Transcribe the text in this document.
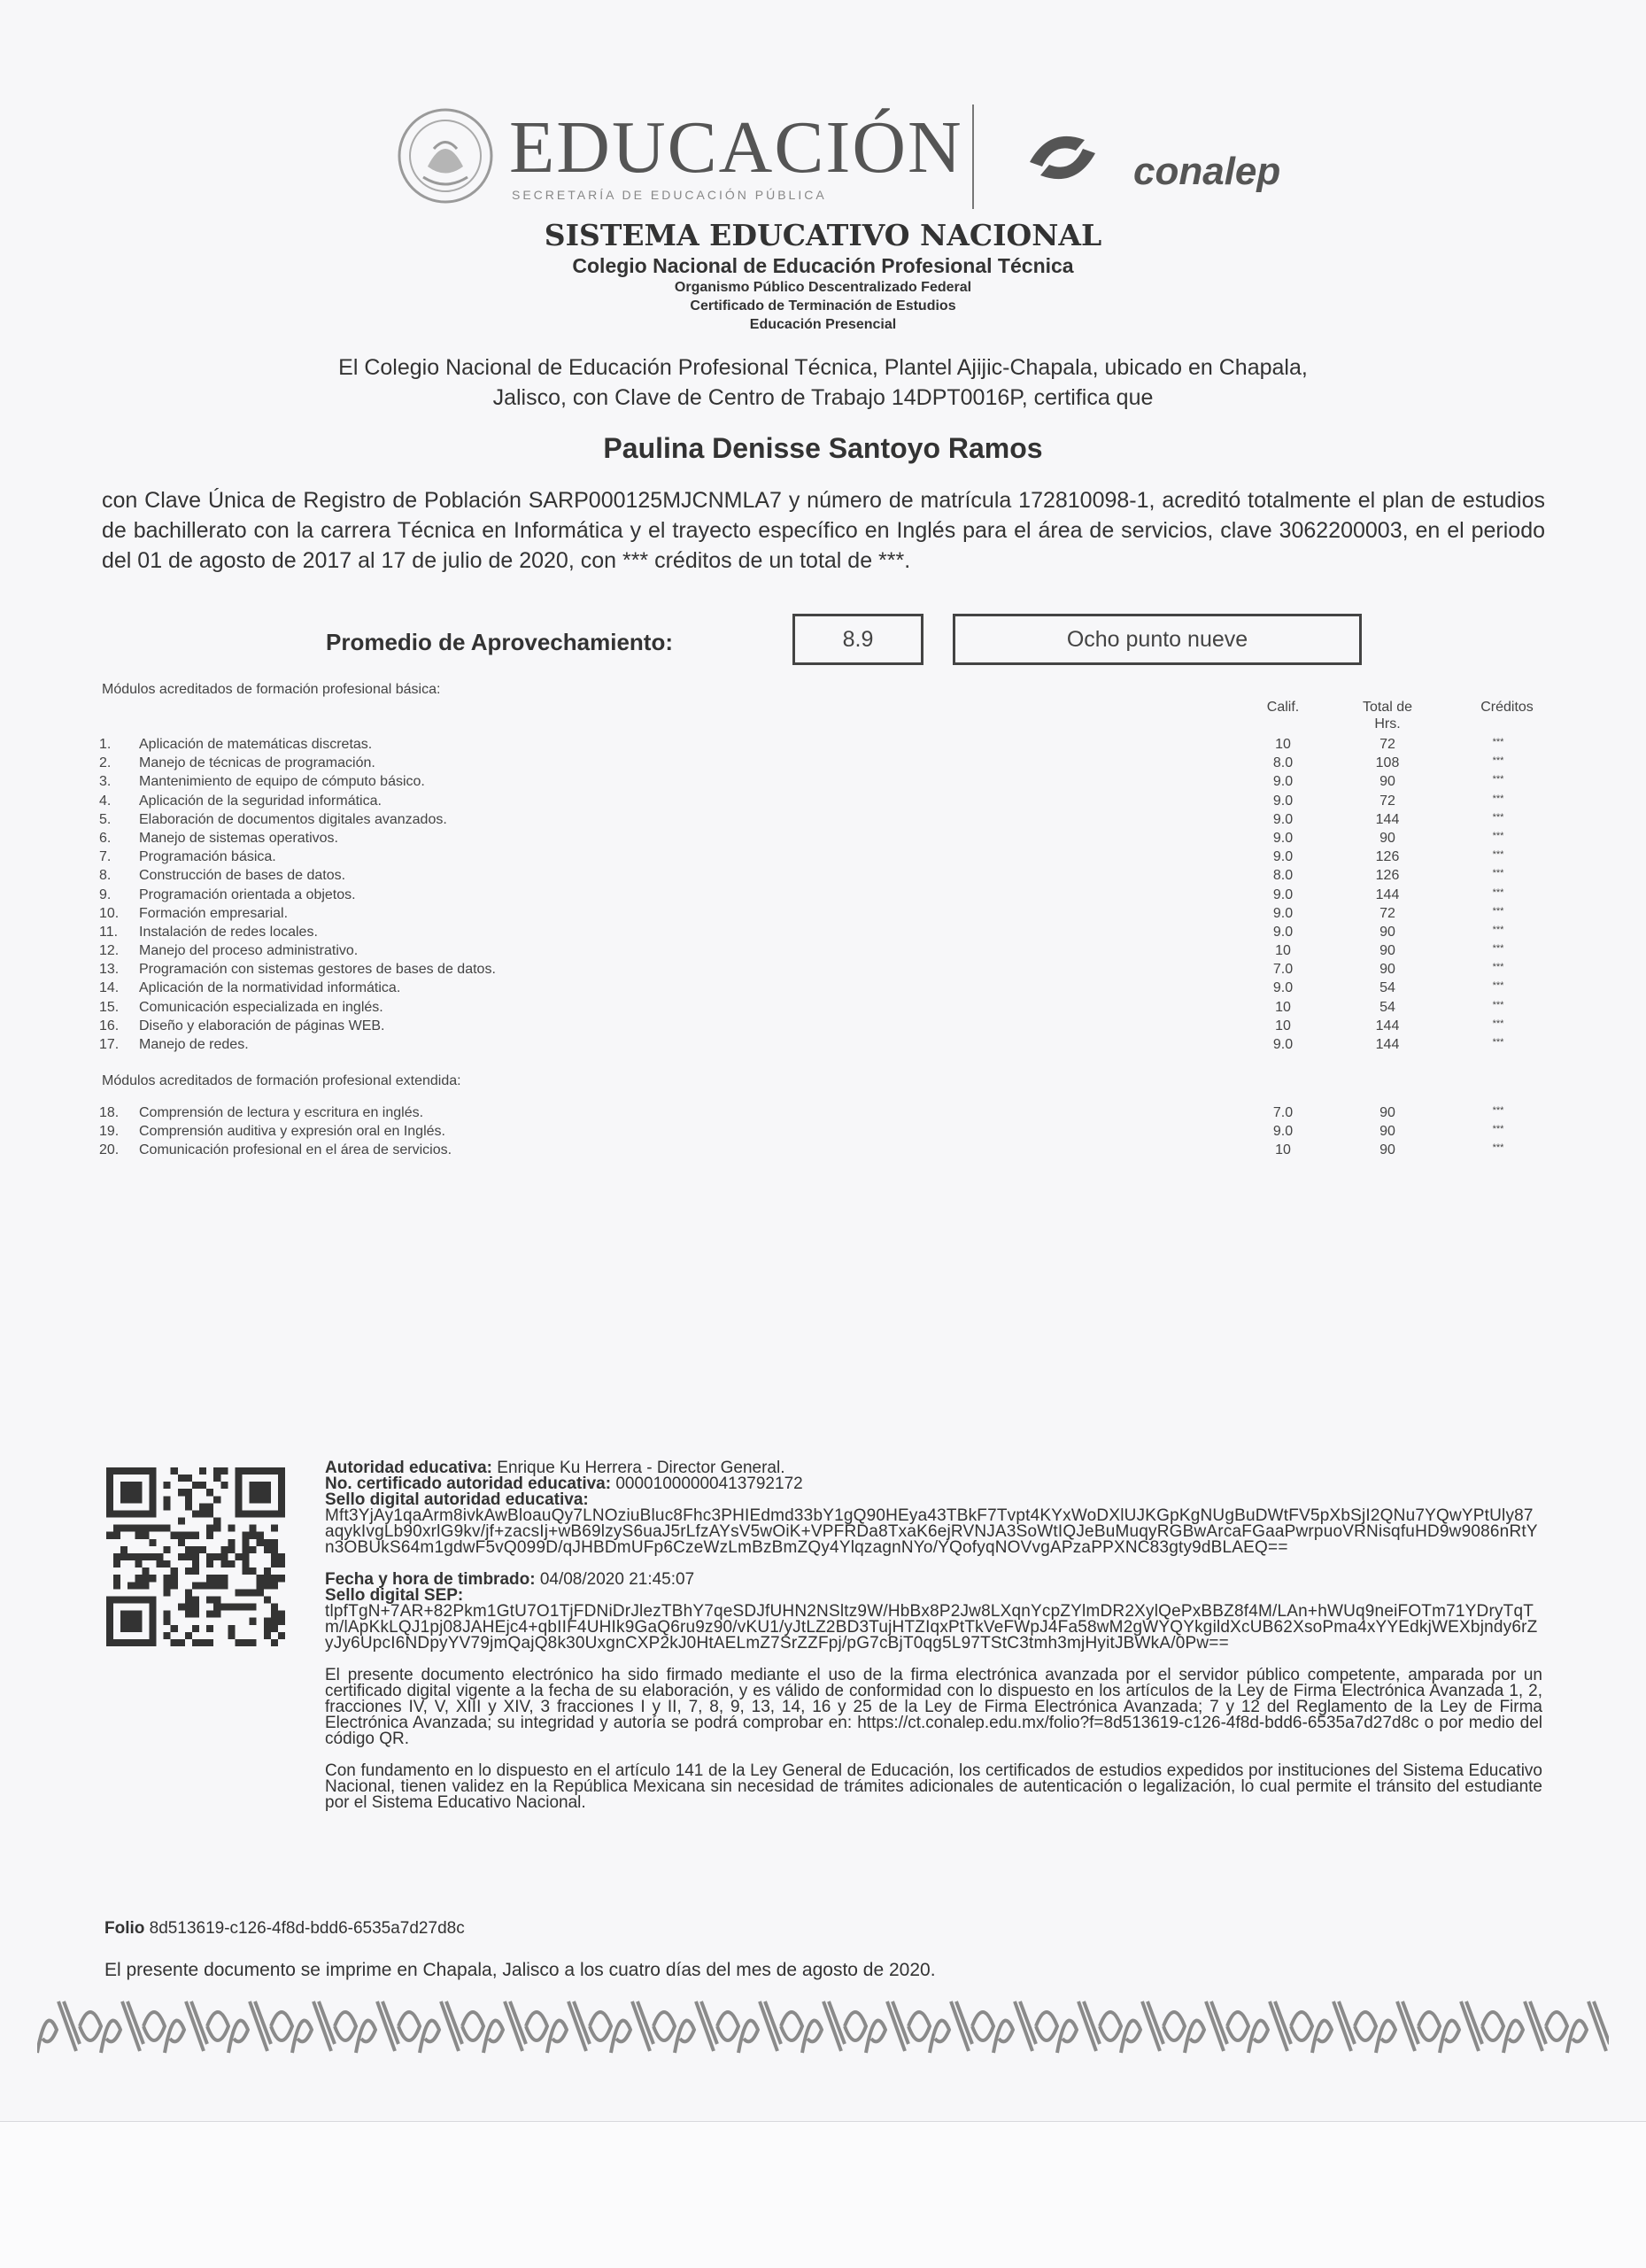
EDUCACIÓN
SECRETARÍA DE EDUCACIÓN PÚBLICA
conalep
SISTEMA EDUCATIVO NACIONAL
Colegio Nacional de Educación Profesional Técnica
Organismo Público Descentralizado Federal
Certificado de Terminación de Estudios
Educación Presencial
El Colegio Nacional de Educación Profesional Técnica, Plantel Ajijic-Chapala, ubicado en Chapala,
Jalisco, con Clave de Centro de Trabajo 14DPT0016P, certifica que
Paulina Denisse Santoyo Ramos
con Clave Única de Registro de Población SARP000125MJCNMLA7 y número de matrícula 172810098-1, acreditó totalmente el plan de estudios de bachillerato con la carrera Técnica en Informática y el trayecto específico en Inglés para el área de servicios, clave 3062200003, en el periodo del 01 de agosto de 2017 al 17 de julio de 2020, con *** créditos de un total de ***.
Promedio de Aprovechamiento:	8.9	Ocho punto nueve
Módulos acreditados de formación profesional básica:
Calif.	Total de
Hrs.
Créditos
1.	Aplicación de matemáticas discretas.	10	72	***
2.	Manejo de técnicas de programación.	8.0	108	***
3.	Mantenimiento de equipo de cómputo básico.	9.0	90	***
4.	Aplicación de la seguridad informática.	9.0	72	***
5.	Elaboración de documentos digitales avanzados.	9.0	144	***
6.	Manejo de sistemas operativos.	9.0	90	***
7.	Programación básica.	9.0	126	***
8.	Construcción de bases de datos.	8.0	126	***
9.	Programación orientada a objetos.	9.0	144	***
10.	Formación empresarial.	9.0	72	***
11.	Instalación de redes locales.	9.0	90	***
12.	Manejo del proceso administrativo.	10	90	***
13.	Programación con sistemas gestores de bases de datos.	7.0	90	***
14.	Aplicación de la normatividad informática.	9.0	54	***
15.	Comunicación especializada en inglés.	10	54	***
16.	Diseño y elaboración de páginas WEB.	10	144	***
17.	Manejo de redes.	9.0	144	***
Módulos acreditados de formación profesional extendida:
18.	Comprensión de lectura y escritura en inglés.	7.0	90	***
19.	Comprensión auditiva y expresión oral en Inglés.	9.0	90	***
20.	Comunicación profesional en el área de servicios.	10	90	***
Autoridad educativa: Enrique Ku Herrera - Director General.
No. certificado autoridad educativa: 00001000000413792172
Sello digital autoridad educativa:
Mft3YjAy1qaArm8ivkAwBloauQy7LNOziuBluc8Fhc3PHIEdmd33bY1gQ90HEya43TBkF7Tvpt4KYxWoDXlUJKGpKgNUgBuDWtFV5pXbSjI2QNu7YQwYPtUly87aqykIvgLb90xrlG9kv/jf+zacsIj+wB69lzyS6uaJ5rLfzAYsV5wOiK+VPFRDa8TxaK6ejRVNJA3SoWtIQJeBuMuqyRGBwArcaFGaaPwrpuoVRNisqfuHD9w9086nRtYn3OBUkS64m1gdwF5vQ099D/qJHBDmUFp6CzeWzLmBzBmZQy4YlqzagnNYo/YQofyqNOVvgAPzaPPXNC83gty9dBLAEQ==
Fecha y hora de timbrado: 04/08/2020 21:45:07
Sello digital SEP:
tlpfTgN+7AR+82Pkm1GtU7O1TjFDNiDrJlezTBhY7qeSDJfUHN2NSltz9W/HbBx8P2Jw8LXqnYcpZYlmDR2XylQePxBBZ8f4M/LAn+hWUq9neiFOTm71YDryTqTm/lApKkLQJ1pj08JAHEjc4+qbIIF4UHIk9GaQ6ru9z90/vKU1/yJtLZ2BD3TujHTZIqxPtTkVeFWpJ4Fa58wM2gWYQYkgildXcUB62XsoPma4xYYEdkjWEXbjndy6rZyJy6UpcI6NDpyYV79jmQajQ8k30UxgnCXP2kJ0HtAELmZ7SrZZFpj/pG7cBjT0qg5L97TStC3tmh3mjHyitJBWkA/0Pw==
El presente documento electrónico ha sido firmado mediante el uso de la firma electrónica avanzada por el servidor público competente, amparada por un certificado digital vigente a la fecha de su elaboración, y es válido de conformidad con lo dispuesto en los artículos de la Ley de Firma Electrónica Avanzada 1, 2, fracciones IV, V, XIII y XIV, 3 fracciones I y II, 7, 8, 9, 13, 14, 16 y 25 de la Ley de Firma Electrónica Avanzada; 7 y 12 del Reglamento de la Ley de Firma Electrónica Avanzada; su integridad y autoría se podrá comprobar en: https://ct.conalep.edu.mx/folio?f=8d513619-c126-4f8d-bdd6-6535a7d27d8c o por medio del código QR.
Con fundamento en lo dispuesto en el artículo 141 de la Ley General de Educación, los certificados de estudios expedidos por instituciones del Sistema Educativo Nacional, tienen validez en la República Mexicana sin necesidad de trámites adicionales de autenticación o legalización, lo cual permite el tránsito del estudiante por el Sistema Educativo Nacional.
Folio 8d513619-c126-4f8d-bdd6-6535a7d27d8c
El presente documento se imprime en Chapala, Jalisco a los cuatro días del mes de agosto de 2020.
